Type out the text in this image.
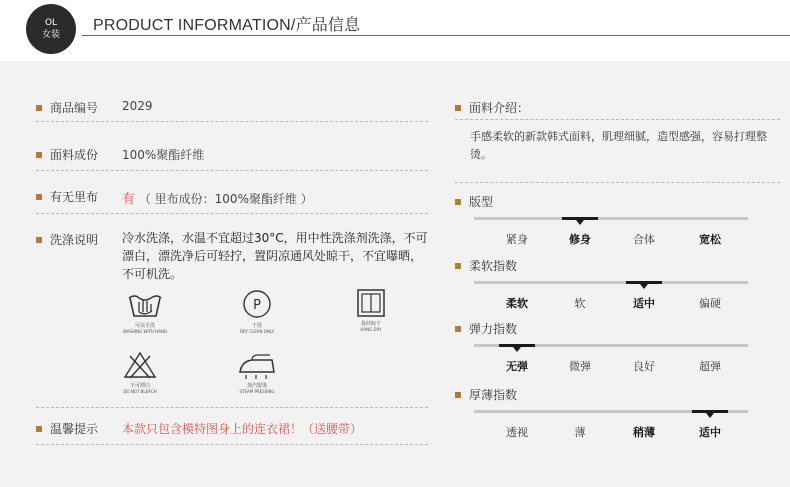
OL
女装
PRODUCT INFORMATION/产品信息
商品编号 2029
面料成份 100%聚酯纤维
有无里布 有 （ 里布成份：100%聚酯纤维 ）
洗涤说明 冷水洗涤，水温不宜超过30°C，用中性洗涤剂洗涤，不可漂白，漂洗净后可轻拧，置阴凉通风处晾干，不宜曝晒，不可机洗。
可以手洗
WASHING WITH HAND
P
干洗
DRY CLEAN ONLY
悬挂晾干
HANG DRY
不可漂白
DO NOT BLEACH
蒸汽熨烫
STEAM PRESSING
温馨提示 本款只包含模特图身上的连衣裙！（送腰带）
面料介绍：
手感柔软的新款韩式面料，肌理细腻，造型感强，容易打理整烫。
版型
紧身	修身	合体	宽松
柔软指数
柔软	软	适中	偏硬
弹力指数
无弹	微弹	良好	超弹
厚薄指数
透视	薄	稍薄	适中
